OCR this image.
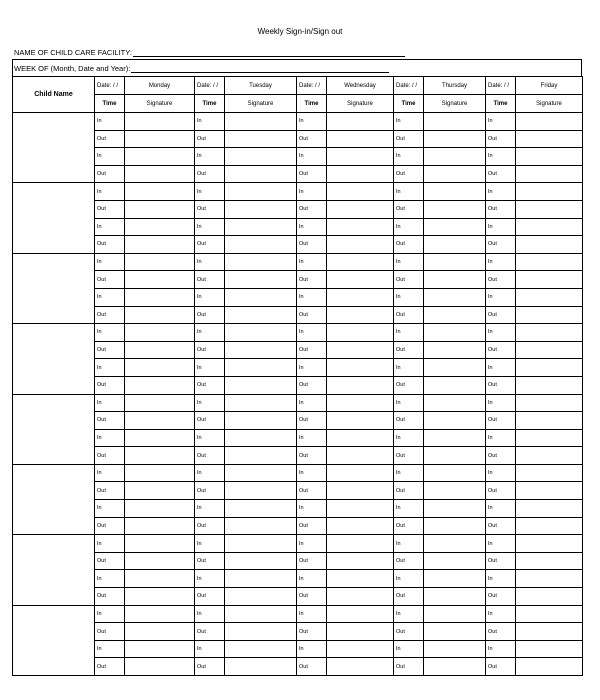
Weekly Sign-in/Sign out
NAME OF CHILD CARE FACILITY:
WEEK OF (Month, Date and Year):
Child Name	Date: / /	Monday	Date: / /	Tuesday	Date: / /	Wednesday	Date: / /	Thursday	Date: / /	Friday
	Time	Signature	Time	Signature	Time	Signature	Time	Signature	Time	Signature
	In		In		In		In		In	
	Out		Out		Out		Out		Out	
	In		In		In		In		In	
	Out		Out		Out		Out		Out	
	In		In		In		In		In	
	Out		Out		Out		Out		Out	
	In		In		In		In		In	
	Out		Out		Out		Out		Out	
	In		In		In		In		In	
	Out		Out		Out		Out		Out	
	In		In		In		In		In	
	Out		Out		Out		Out		Out	
	In		In		In		In		In	
	Out		Out		Out		Out		Out	
	In		In		In		In		In	
	Out		Out		Out		Out		Out	
	In		In		In		In		In	
	Out		Out		Out		Out		Out	
	In		In		In		In		In	
	Out		Out		Out		Out		Out	
	In		In		In		In		In	
	Out		Out		Out		Out		Out	
	In		In		In		In		In	
	Out		Out		Out		Out		Out	
	In		In		In		In		In	
	Out		Out		Out		Out		Out	
	In		In		In		In		In	
	Out		Out		Out		Out		Out	
	In		In		In		In		In	
	Out		Out		Out		Out		Out	
	In		In		In		In		In	
	Out		Out		Out		Out		Out	
